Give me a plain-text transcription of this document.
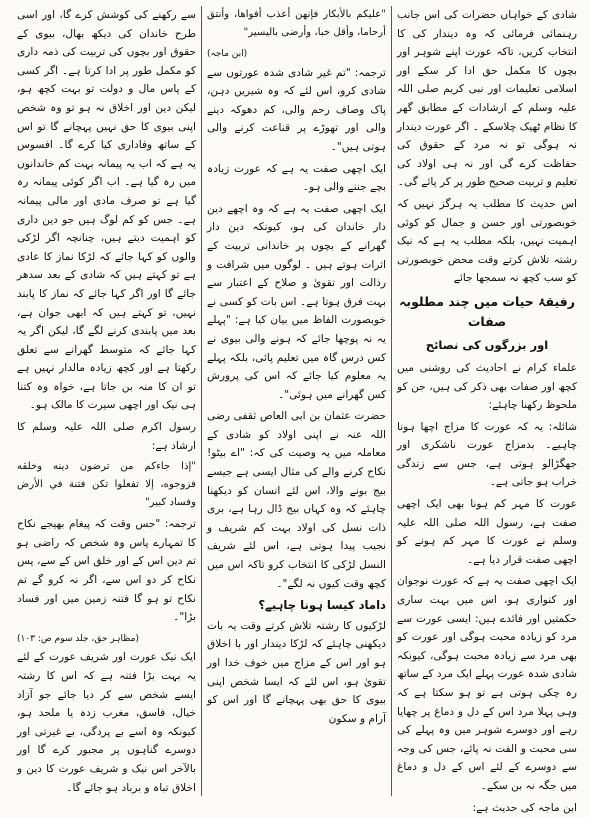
شادی کے خواہاں حضرات کی اس جانب رہنمائی فرمائی کہ وہ دیندار کی کا انتخاب کریں، تاکہ عورت اپنے شوہر اور بچوں کا مکمل حق ادا کر سکے اور اسلامی تعلیمات اور نبی کریم صلی اللہ علیہ وسلم کے ارشادات کے مطابق گھر کا نظام ٹھیک چلاسکے ۔ اگر عورت دیندار نہ ہوگی تو نہ مرد کے حقوق کی حفاظت کرے گی اور نہ ہی اولاد کی تعلیم و تربیت صحیح طور پر کر پائے گی۔

اس حدیث کا مطلب یہ ہرگز نہیں کہ خوبصورتی اور حسن و جمال کو کوئی اہمیت نہیں، بلکہ مطلب یہ ہے کہ نیک رشتہ تلاش کرتے وقت محض خوبصورتی کو سب کچھ نہ سمجھا جائے

رفیقۂ حیات میں چند مطلوبہ صفات
اور بزرگوں کی نصائح

علماء کرام نے احادیث کی روشنی میں کچھ اور صفات بھی ذکر کی ہیں، جن کو ملحوظ رکھنا چاہئے:

شائلہ: یہ کہ عورت کا مزاج اچھا ہونا چاہیے۔ بدمزاج عورت ناشکری اور جھگڑالو ہوتی ہے، جس سے زندگی خراب ہو جاتی ہے۔

عورت کا مہر کم ہونا بھی ایک اچھی صفت ہے، رسول اللہ صلی اللہ علیہ وسلم نے عورت کا مہر کم ہونے کو اچھی صفت قرار دیا ہے۔

ایک اچھی صفت یہ ہے کہ عورت نوجوان اور کنواری ہو، اس میں بہت ساری حکمتیں اور فائدے ہیں: ایسی عورت سے مرد کو زیادہ محبت ہوگی اور عورت کو بھی مرد سے زیادہ محبت ہوگی، کیونکہ شادی شدہ عورت پہلے ایک مرد کے ساتھ رہ چکی ہوتی ہے تو ہو سکتا ہے کہ وہی پہلا مرد اس کے دل و دماغ پر چھایا رہے اور دوسرے شوہر میں وہ پہلے کی سی محبت و الفت نہ پائے، جس کی وجہ سے دوسرے کے لئے اس کے دل و دماغ میں جگہ نہ بن سکے۔

ابن ماجہ کی حدیث ہے:

"عليكم بالأبكار فإنهن أعذب أفواها، وأنتق أرحاما، وأقل خبا، وأرضى باليسير"

(ابن ماجہ)

ترجمہ: "تم غیر شادی شدہ عورتوں سے شادی کرو، اس لئے کہ وہ شیریں دہن، پاک وصاف رحم والی، کم دھوکہ دینے والی اور تھوڑے پر قناعت کرنے والی ہوتی ہیں"۔

ایک اچھی صفت یہ ہے کہ عورت زیادہ بچے جننے والی ہو۔

ایک اچھی صفت یہ ہے کہ وہ اچھے دین دار خاندان کی ہو، کیونکہ دین دار گھرانے کے بچوں پر خاندانی تربیت کے اثرات ہوتے ہیں ۔ لوگوں میں شرافت و رذالت اور تقویٰ و صلاح کے اعتبار سے بہت فرق ہوتا ہے۔ اس بات کو کسی نے خوبصورت الفاظ میں بیان کیا ہے: "پہلے یہ نہ پوچھا جائے کہ ہونے والی بیوی نے کس درس گاہ میں تعلیم پائی، بلکہ پہلے یہ معلوم کیا جائے کہ اس کی پرورش کس گھرانے میں ہوئی"۔

حضرت عثمان بن ابی العاص ثقفی رضی اللہ عنہ نے اپنی اولاد کو شادی کے معاملہ میں یہ وصیت کی کہ: "اے بیٹو! نکاح کرنے والے کی مثال ایسی ہے جیسے بیج بونے والا، اس لئے انسان کو دیکھنا چاہئے کہ وہ کہاں بیج ڈال رہا ہے، بری ذات نسل کی اولاد بہت کم شریف و نجیب پیدا ہوتی ہے، اس لئے شریف النسل لڑکی کا انتخاب کرو تاکہ اس میں کچھ وقت کیوں نہ لگے"۔

داماد کیسا ہونا چاہیے؟

لڑکیوں کا رشتہ تلاش کرتے وقت یہ بات دیکھنی چاہئے کہ لڑکا دیندار اور با اخلاق ہو اور اس کے مزاج میں خوف خدا اور تقویٰ ہو، اس لئے کہ ایسا شخص اپنی بیوی کا حق بھی پہچانے گا اور اس کو آرام و سکون

سے رکھنے کی کوشش کرے گا، اور اسی طرح خاندان کی دیکھ بھال، بیوی کے حقوق اور بچوں کی تربیت کی ذمہ داری کو مکمل طور پر ادا کرتا ہے۔ اگر کسی کے پاس مال و دولت تو بہت کچھ ہو، لیکن دین اور اخلاق نہ ہو تو وہ شخص اپنی بیوی کا حق نہیں پہچانے گا تو اس کے ساتھ وفاداری کیا کرے گا۔ افسوس یہ ہے کہ اب یہ پیمانہ بہت کم خاندانوں میں رہ گیا ہے۔ اب اگر کوئی پیمانہ رہ گیا ہے تو صرف مادی اور مالی پیمانہ ہے۔ جس کو کم لوگ ہیں جو دین داری کو اہمیت دیتے ہیں، چنانچہ اگر لڑکی والوں کو کہا جائے کہ لڑکا نماز کا عادی ہے تو کہتے ہیں کہ شادی کے بعد سدھر جائے گا اور اگر کہا جائے کہ نماز کا پابند نہیں، تو کہتے ہیں کہ ابھی جوان ہے، بعد میں پابندی کرنے لگے گا، لیکن اگر یہ کہا جائے کہ متوسط گھرانے سے تعلق رکھتا ہے اور کچھ زیادہ مالدار نہیں ہے تو ان کا منہ بن جاتا ہے، خواہ وہ کتنا ہی نیک اور اچھی سیرت کا مالک ہو۔

رسول اکرم صلی اللہ علیہ وسلم کا ارشاد ہے:

"إذا جاءكم من ترضون دينه وخلقه فزوجوه، إلا تفعلوا تكن فتنة في الأرض وفساد كبير"

ترجمہ: "جس وقت کہ پیغام بھیجے نکاح کا تمہارے پاس وہ شخص کہ راضی ہو تم دین اس کے اور خلق اس کے سے، پس نکاح کر دو اس سے، اگر نہ کرو گے تم نکاح تو ہو گا فتنہ زمین میں اور فساد بڑا"۔

(مظاہر حق، جلد سوم ص: ۱۰۳)

ایک نیک عورت اور شریف عورت کے لئے یہ بہت بڑا فتنہ ہے کہ اس کا رشتہ ایسے شخص سے کر دیا جائے جو آزاد خیال، فاسق، مغرب زدہ یا ملحد ہو، کیونکہ وہ اسے بے پردگی، بے غیرتی اور دوسرے گناہوں پر مجبور کرے گا اور بالآخر اس نیک و شریف عورت کا دین و اخلاق تباہ و برباد ہو جائے گا۔
